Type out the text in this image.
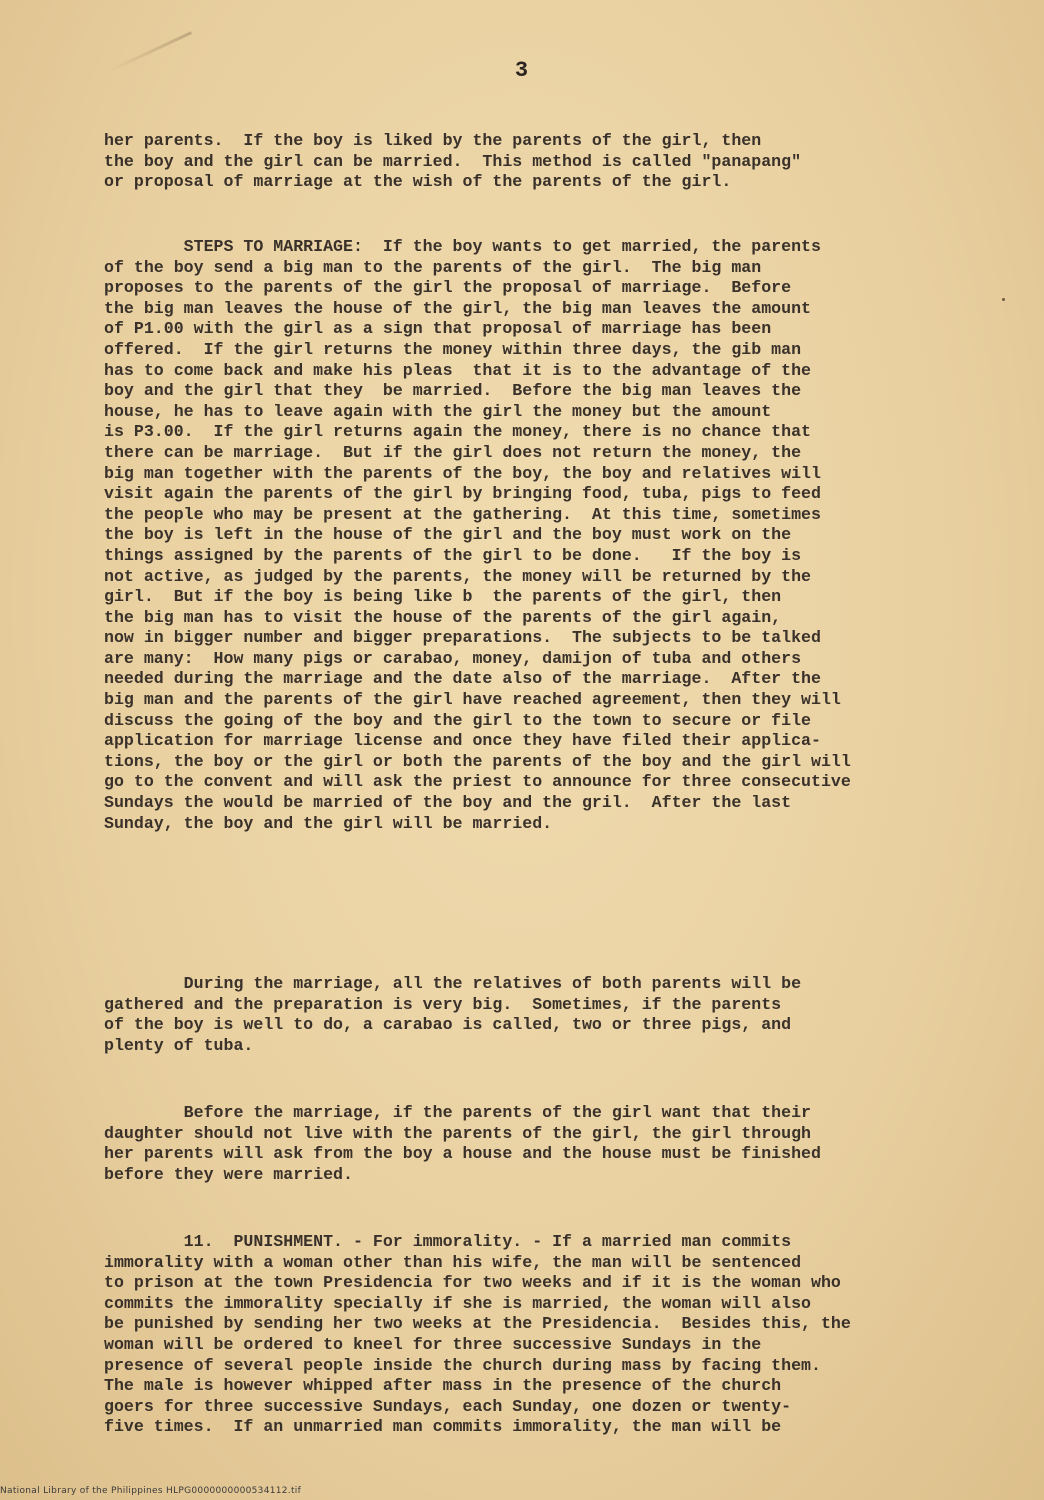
3
her parents.  If the boy is liked by the parents of the girl, then
the boy and the girl can be married.  This method is called "panapang"
or proposal of marriage at the wish of the parents of the girl.
STEPS TO MARRIAGE:  If the boy wants to get married, the parents
of the boy send a big man to the parents of the girl.  The big man
proposes to the parents of the girl the proposal of marriage.  Before
the big man leaves the house of the girl, the big man leaves the amount
of P1.00 with the girl as a sign that proposal of marriage has been
offered.  If the girl returns the money within three days, the gib man
has to come back and make his pleas  that it is to the advantage of the
boy and the girl that they  be married.  Before the big man leaves the
house, he has to leave again with the girl the money but the amount
is P3.00.  If the girl returns again the money, there is no chance that
there can be marriage.  But if the girl does not return the money, the
big man together with the parents of the boy, the boy and relatives will
visit again the parents of the girl by bringing food, tuba, pigs to feed
the people who may be present at the gathering.  At this time, sometimes
the boy is left in the house of the girl and the boy must work on the
things assigned by the parents of the girl to be done.   If the boy is
not active, as judged by the parents, the money will be returned by the
girl.  But if the boy is being like b  the parents of the girl, then
the big man has to visit the house of the parents of the girl again,
now in bigger number and bigger preparations.  The subjects to be talked
are many:  How many pigs or carabao, money, damijon of tuba and others
needed during the marriage and the date also of the marriage.  After the
big man and the parents of the girl have reached agreement, then they will
discuss the going of the boy and the girl to the town to secure or file
application for marriage license and once they have filed their applica-
tions, the boy or the girl or both the parents of the boy and the girl will
go to the convent and will ask the priest to announce for three consecutive
Sundays the would be married of the boy and the gril.  After the last
Sunday, the boy and the girl will be married.
During the marriage, all the relatives of both parents will be
gathered and the preparation is very big.  Sometimes, if the parents
of the boy is well to do, a carabao is called, two or three pigs, and
plenty of tuba.
Before the marriage, if the parents of the girl want that their
daughter should not live with the parents of the girl, the girl through
her parents will ask from the boy a house and the house must be finished
before they were married.
11.  PUNISHMENT. - For immorality. - If a married man commits
immorality with a woman other than his wife, the man will be sentenced
to prison at the town Presidencia for two weeks and if it is the woman who
commits the immorality specially if she is married, the woman will also
be punished by sending her two weeks at the Presidencia.  Besides this, the
woman will be ordered to kneel for three successive Sundays in the
presence of several people inside the church during mass by facing them.
The male is however whipped after mass in the presence of the church
goers for three successive Sundays, each Sunday, one dozen or twenty-
five times.  If an unmarried man commits immorality, the man will be
National Library of the Philippines HLPG0000000000534112.tif
